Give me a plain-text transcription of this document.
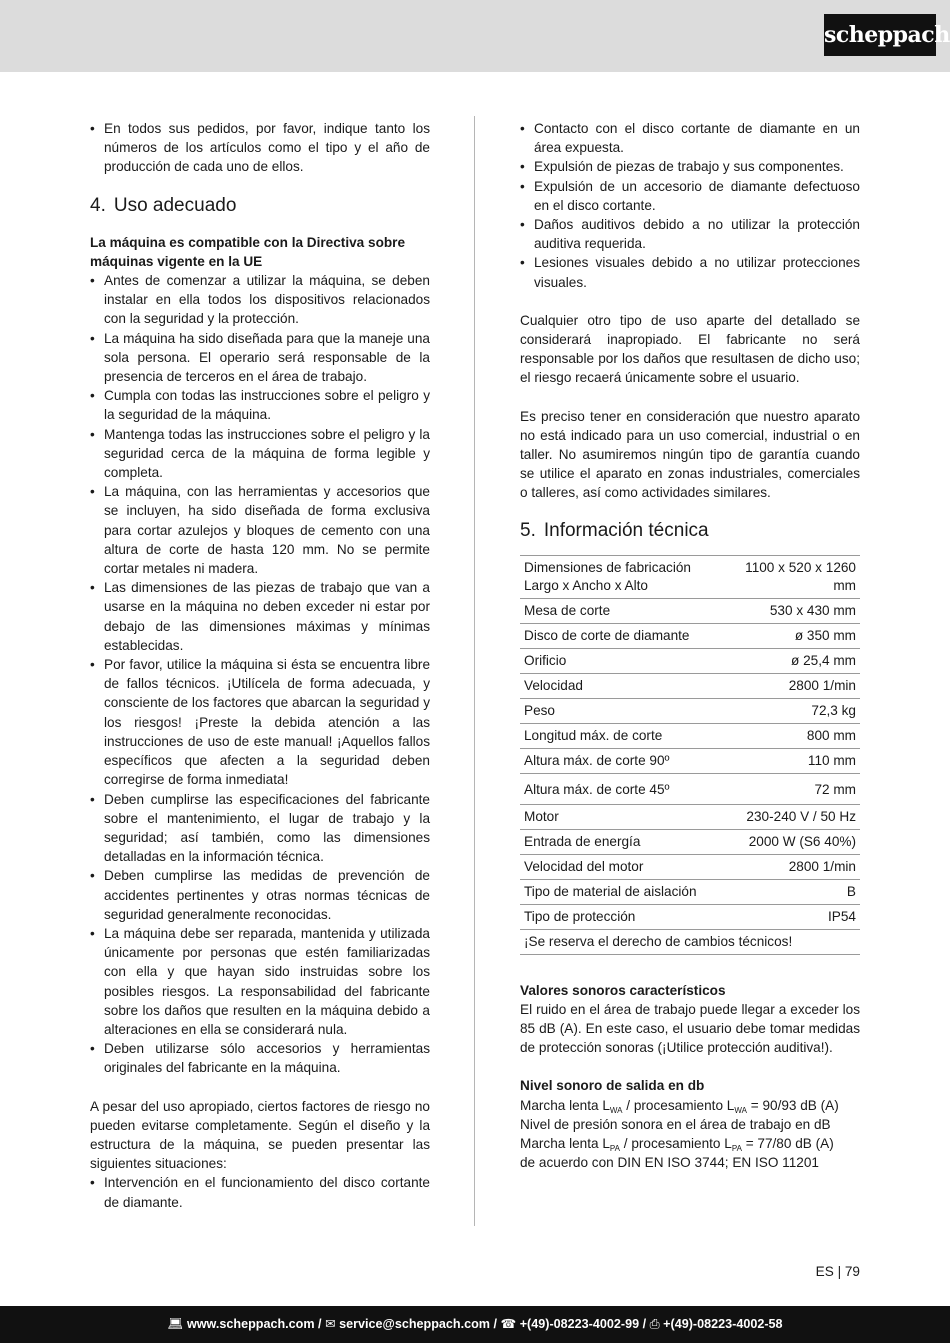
scheppach
• En todos sus pedidos, por favor, indique tanto los números de los artículos como el tipo y el año de producción de cada uno de ellos.
4. Uso adecuado

La máquina es compatible con la Directiva sobre máquinas vigente en la UE

• Antes de comenzar a utilizar la máquina, se deben instalar en ella todos los dispositivos relacionados con la seguridad y la protección.
• La máquina ha sido diseñada para que la maneje una sola persona. El operario será responsable de la presencia de terceros en el área de trabajo.
• Cumpla con todas las instrucciones sobre el peligro y la seguridad de la máquina.
• Mantenga todas las instrucciones sobre el peligro y la seguridad cerca de la máquina de forma legible y completa.
• La máquina, con las herramientas y accesorios que se incluyen, ha sido diseñada de forma exclusiva para cortar azulejos y bloques de cemento con una altura de corte de hasta 120 mm. No se permite cortar metales ni madera.
• Las dimensiones de las piezas de trabajo que van a usarse en la máquina no deben exceder ni estar por debajo de las dimensiones máximas y mínimas establecidas.
• Por favor, utilice la máquina si ésta se encuentra libre de fallos técnicos. ¡Utilícela de forma adecuada, y consciente de los factores que abarcan la seguridad y los riesgos! ¡Preste la debida atención a las instrucciones de uso de este manual! ¡Aquellos fallos específicos que afecten a la seguridad deben corregirse de forma inmediata!
• Deben cumplirse las especificaciones del fabricante sobre el mantenimiento, el lugar de trabajo y la seguridad; así también, como las dimensiones detalladas en la información técnica.
• Deben cumplirse las medidas de prevención de accidentes pertinentes y otras normas técnicas de seguridad generalmente reconocidas.
• La máquina debe ser reparada, mantenida y utilizada únicamente por personas que estén familiarizadas con ella y que hayan sido instruidas sobre los posibles riesgos. La responsabilidad del fabricante sobre los daños que resulten en la máquina debido a alteraciones en ella se considerará nula.
• Deben utilizarse sólo accesorios y herramientas originales del fabricante en la máquina.

A pesar del uso apropiado, ciertos factores de riesgo no pueden evitarse completamente. Según el diseño y la estructura de la máquina, se pueden presentar las siguientes situaciones:

• Intervención en el funcionamiento del disco cortante de diamante.
• Contacto con el disco cortante de diamante en un área expuesta.
• Expulsión de piezas de trabajo y sus componentes.
• Expulsión de un accesorio de diamante defectuoso en el disco cortante.
• Daños auditivos debido a no utilizar la protección auditiva requerida.
• Lesiones visuales debido a no utilizar protecciones visuales.

Cualquier otro tipo de uso aparte del detallado se considerará inapropiado. El fabricante no será responsable por los daños que resultasen de dicho uso; el riesgo recaerá únicamente sobre el usuario.

Es preciso tener en consideración que nuestro aparato no está indicado para un uso comercial, industrial o en taller. No asumiremos ningún tipo de garantía cuando se utilice el aparato en zonas industriales, comerciales o talleres, así como actividades similares.

5. Información técnica
Dimensiones de fabricación Largo x Ancho x Alto	1100 x 520 x 1260 mm
Mesa de corte	530 x 430 mm
Disco de corte de diamante	ø 350 mm
Orificio	ø 25,4 mm
Velocidad	2800 1/min
Peso	72,3 kg
Longitud máx. de corte	800 mm
Altura máx. de corte 90º	110 mm
Altura máx. de corte 45º	72 mm
Motor	230-240 V / 50 Hz
Entrada de energía	2000 W (S6 40%)
Velocidad del motor	2800 1/min
Tipo de material de aislación	B
Tipo de protección	IP54
¡Se reserva el derecho de cambios técnicos!	

Valores sonoros característicos

El ruido en el área de trabajo puede llegar a exceder los 85 dB (A). En este caso, el usuario debe tomar medidas de protección sonoras (¡Utilice protección auditiva!).

Nivel sonoro de salida en db

Marcha lenta $L_{WA}$ / procesamiento $L_{WA} = 90/93$ dB (A)

Nivel de presión sonora en el área de trabajo en dB

Marcha lenta $L_{PA}$ / procesamiento $L_{PA} = 77/80$ dB (A)

de acuerdo con DIN EN ISO 3744; EN ISO 11201

ES | 79
💻︎ www.scheppach.com / ✉ service@scheppach.com / ☎ +(49)-08223-4002-99 / ⎙ +(49)-08223-4002-58
